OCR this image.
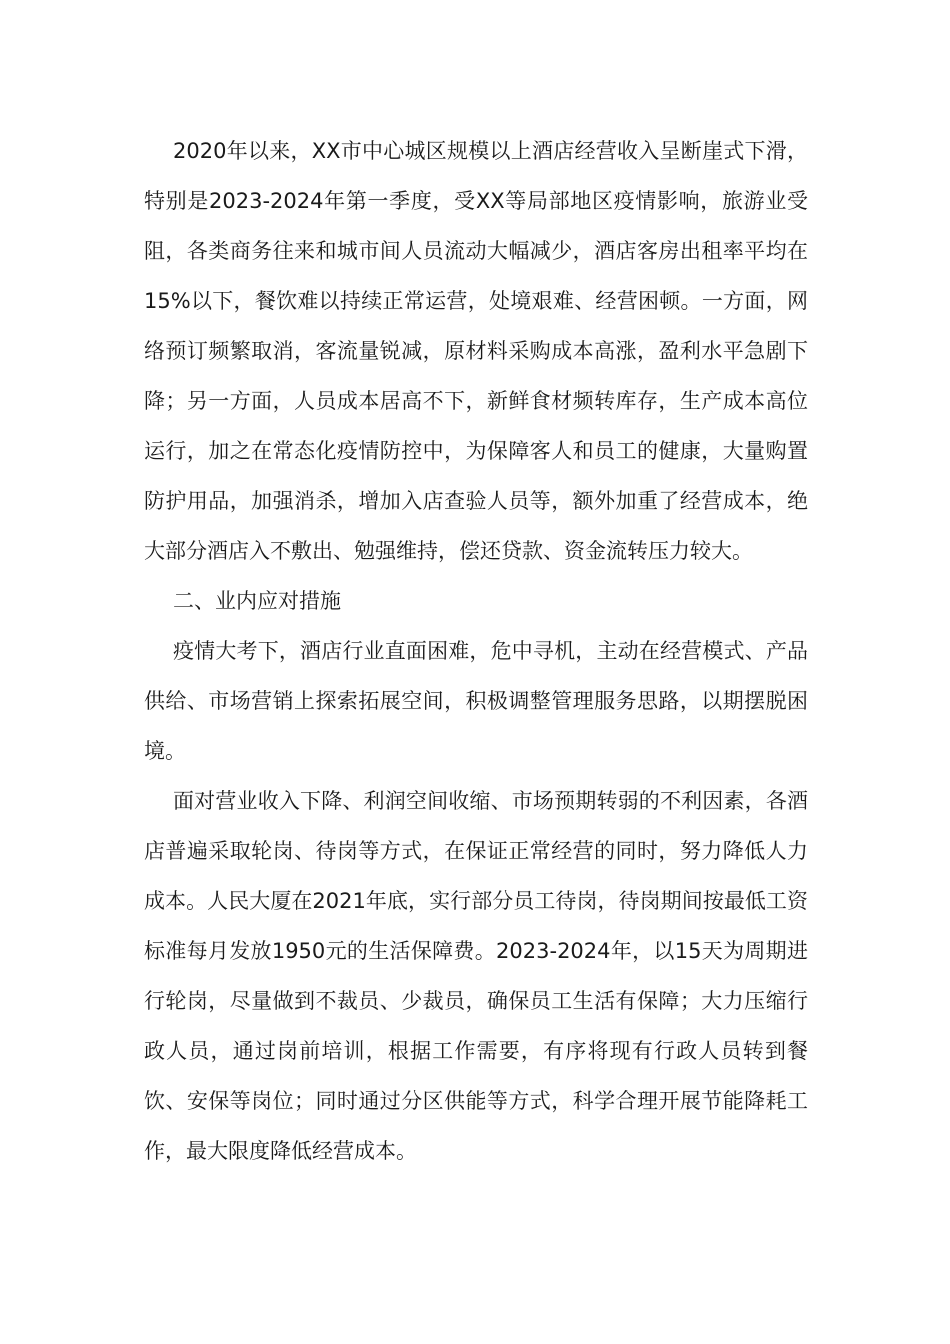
2020年以来，XX市中心城区规模以上酒店经营收入呈断崖式下滑，特别是2023-2024年第一季度，受XX等局部地区疫情影响，旅游业受阻，各类商务往来和城市间人员流动大幅减少，酒店客房出租率平均在15%以下，餐饮难以持续正常运营，处境艰难、经营困顿。一方面，网络预订频繁取消，客流量锐减，原材料采购成本高涨，盈利水平急剧下降；另一方面，人员成本居高不下，新鲜食材频转库存，生产成本高位运行，加之在常态化疫情防控中，为保障客人和员工的健康，大量购置防护用品，加强消杀，增加入店查验人员等，额外加重了经营成本，绝大部分酒店入不敷出、勉强维持，偿还贷款、资金流转压力较大。

二、业内应对措施

疫情大考下，酒店行业直面困难，危中寻机，主动在经营模式、产品供给、市场营销上探索拓展空间，积极调整管理服务思路，以期摆脱困境。

面对营业收入下降、利润空间收缩、市场预期转弱的不利因素，各酒店普遍采取轮岗、待岗等方式，在保证正常经营的同时，努力降低人力成本。人民大厦在2021年底，实行部分员工待岗，待岗期间按最低工资标准每月发放1950元的生活保障费。2023-2024年，以15天为周期进行轮岗，尽量做到不裁员、少裁员，确保员工生活有保障；大力压缩行政人员，通过岗前培训，根据工作需要，有序将现有行政人员转到餐饮、安保等岗位；同时通过分区供能等方式，科学合理开展节能降耗工作，最大限度降低经营成本。
